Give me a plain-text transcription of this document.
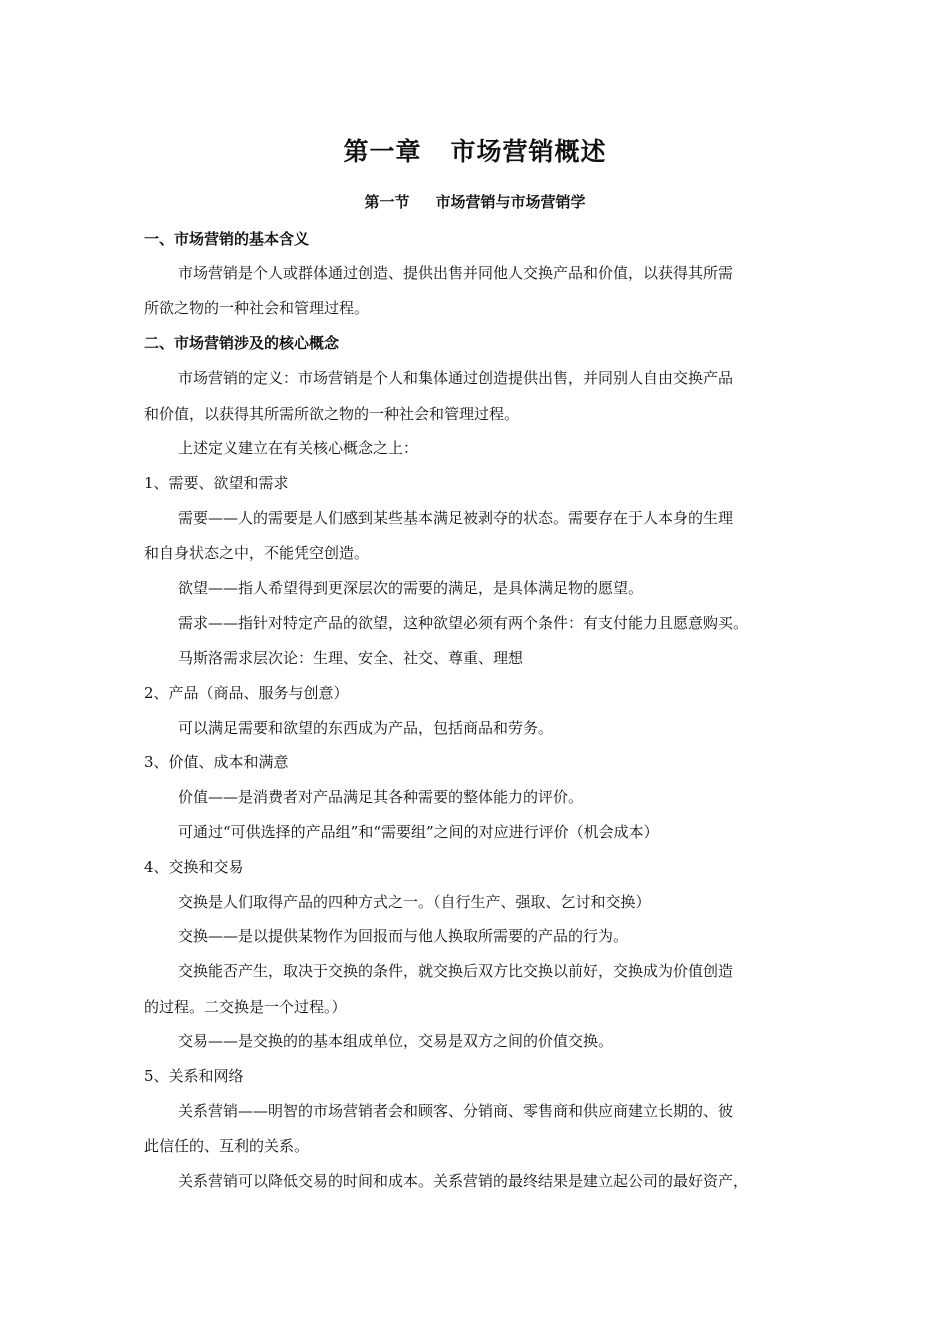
第一章   市场营销概述
第一节     市场营销与市场营销学
一、市场营销的基本含义
市场营销是个人或群体通过创造、提供出售并同他人交换产品和价值，以获得其所需
所欲之物的一种社会和管理过程。
二、市场营销涉及的核心概念
市场营销的定义：市场营销是个人和集体通过创造提供出售，并同别人自由交换产品
和价值，以获得其所需所欲之物的一种社会和管理过程。
上述定义建立在有关核心概念之上：
1、需要、欲望和需求
需要——人的需要是人们感到某些基本满足被剥夺的状态。需要存在于人本身的生理
和自身状态之中，不能凭空创造。
欲望——指人希望得到更深层次的需要的满足，是具体满足物的愿望。
需求——指针对特定产品的欲望，这种欲望必须有两个条件：有支付能力且愿意购买。
马斯洛需求层次论：生理、安全、社交、尊重、理想
2、产品（商品、服务与创意）
可以满足需要和欲望的东西成为产品，包括商品和劳务。
3、价值、成本和满意
价值——是消费者对产品满足其各种需要的整体能力的评价。
可通过“可供选择的产品组”和“需要组”之间的对应进行评价（机会成本）
4、交换和交易
交换是人们取得产品的四种方式之一。（自行生产、强取、乞讨和交换）
交换——是以提供某物作为回报而与他人换取所需要的产品的行为。
交换能否产生，取决于交换的条件，就交换后双方比交换以前好，交换成为价值创造
的过程。二交换是一个过程。）
交易——是交换的的基本组成单位，交易是双方之间的价值交换。
5、关系和网络
关系营销——明智的市场营销者会和顾客、分销商、零售商和供应商建立长期的、彼
此信任的、互利的关系。
关系营销可以降低交易的时间和成本。关系营销的最终结果是建立起公司的最好资产，
